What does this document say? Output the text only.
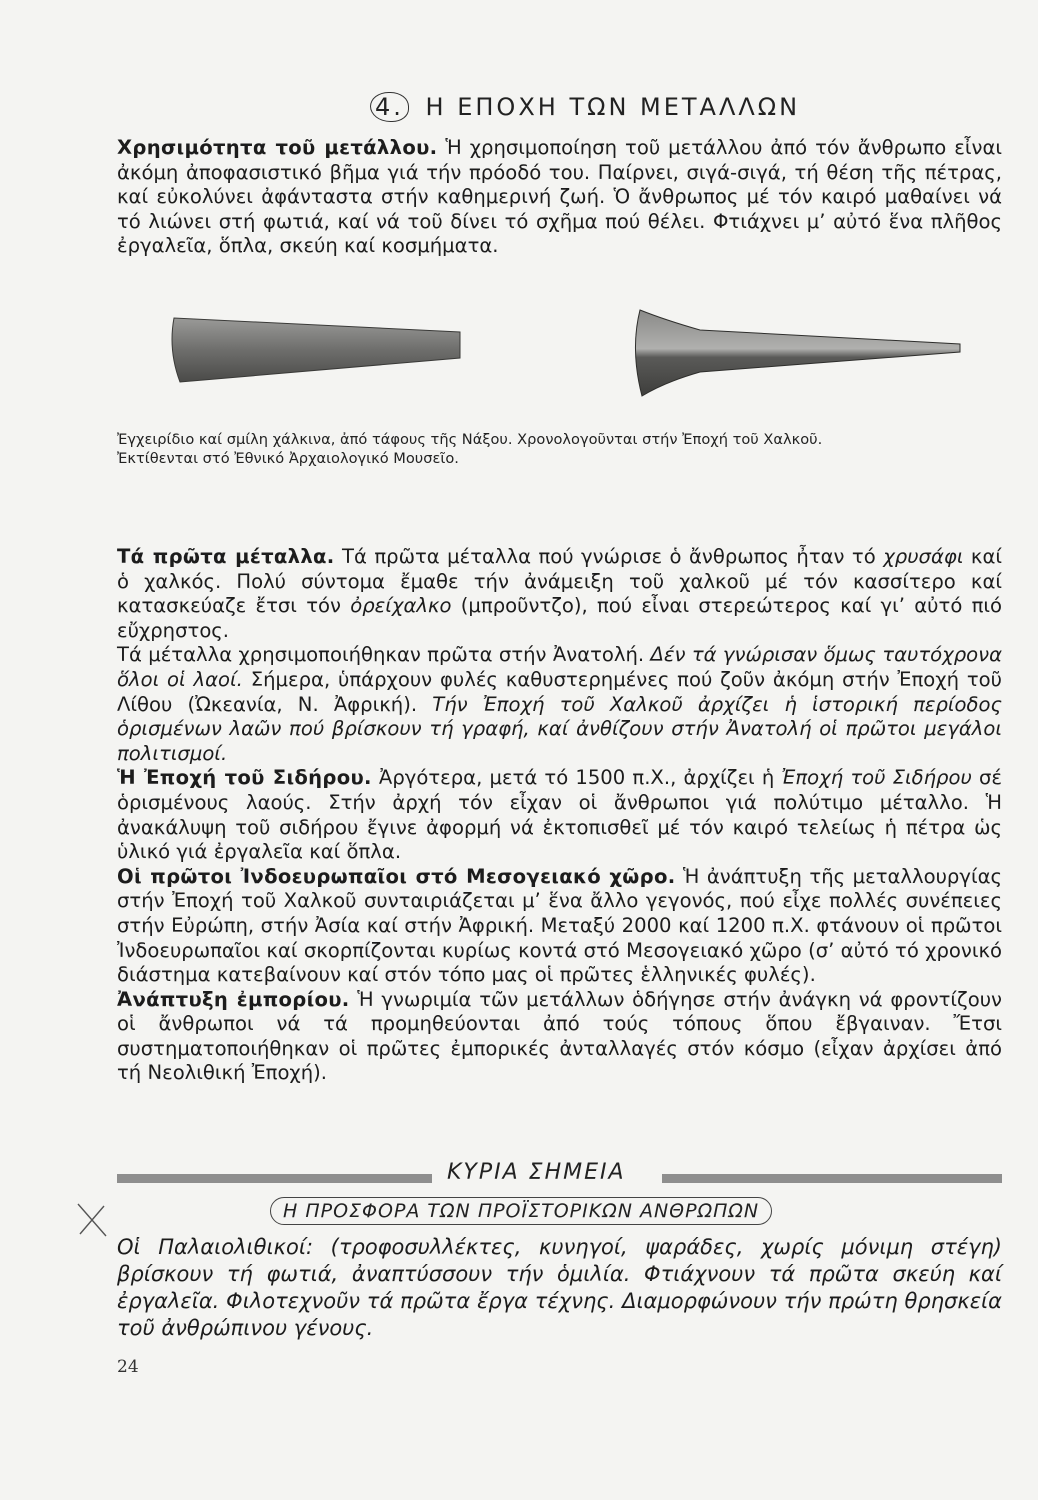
4. Η ΕΠΟΧΗ ΤΩΝ ΜΕΤΑΛΛΩΝ

Χρησιμότητα τοῦ μετάλλου. Ἡ χρησιμοποίηση τοῦ μετάλλου ἀπό τόν ἄνθρωπο εἶναι ἀκόμη ἀποφασιστικό βῆμα γιά τήν πρόοδό του. Παίρνει, σιγά-σιγά, τή θέση τῆς πέτρας, καί εὐκολύνει ἀφάνταστα στήν καθημερινή ζωή. Ὁ ἄνθρωπος μέ τόν καιρό μαθαίνει νά τό λιώνει στή φωτιά, καί νά τοῦ δίνει τό σχῆμα πού θέλει. Φτιάχνει μ’ αὐτό ἕνα πλῆθος ἐργαλεῖα, ὅπλα, σκεύη καί κοσμήματα.

Ἐγχειρίδιο καί σμίλη χάλκινα, ἀπό τάφους τῆς Νάξου. Χρονολογοῦνται στήν Ἐποχή τοῦ Χαλκοῦ.
Ἐκτίθενται στό Ἐθνικό Ἀρχαιολογικό Μουσεῖο.
Τά πρῶτα μέταλλα. Τά πρῶτα μέταλλα πού γνώρισε ὁ ἄνθρωπος ἦταν τό χρυσάφι καί ὁ χαλκός. Πολύ σύντομα ἔμαθε τήν ἀνάμειξη τοῦ χαλκοῦ μέ τόν κασσίτερο καί κατασκεύαζε ἔτσι τόν ὀρείχαλκο (μπροῦντζο), πού εἶναι στερεώτερος καί γι’ αὐτό πιό εὔχρηστος.
Τά μέταλλα χρησιμοποιήθηκαν πρῶτα στήν Ἀνατολή. Δέν τά γνώρισαν ὅμως ταυτόχρονα ὅλοι οἱ λαοί. Σήμερα, ὑπάρχουν φυλές καθυστερημένες πού ζοῦν ἀκόμη στήν Ἐποχή τοῦ Λίθου (Ὠκεανία, Ν. Ἀφρική). Τήν Ἐποχή τοῦ Χαλκοῦ ἀρχίζει ἡ ἱστορική περίοδος ὁρισμένων λαῶν πού βρίσκουν τή γραφή, καί ἀνθίζουν στήν Ἀνατολή οἱ πρῶτοι μεγάλοι πολιτισμοί.
Ἡ Ἐποχή τοῦ Σιδήρου. Ἀργότερα, μετά τό 1500 π.Χ., ἀρχίζει ἡ Ἐποχή τοῦ Σιδήρου σέ ὁρισμένους λαούς. Στήν ἀρχή τόν εἶχαν οἱ ἄνθρωποι γιά πολύτιμο μέταλλο. Ἡ ἀνακάλυψη τοῦ σιδήρου ἔγινε ἀφορμή νά ἐκτοπισθεῖ μέ τόν καιρό τελείως ἡ πέτρα ὡς ὑλικό γιά ἐργαλεῖα καί ὅπλα.
Οἱ πρῶτοι Ἰνδοευρωπαῖοι στό Μεσογειακό χῶρο. Ἡ ἀνάπτυξη τῆς μεταλλουργίας στήν Ἐποχή τοῦ Χαλκοῦ συνταιριάζεται μ’ ἕνα ἄλλο γεγονός, πού εἶχε πολλές συνέπειες στήν Εὐρώπη, στήν Ἀσία καί στήν Ἀφρική. Μεταξύ 2000 καί 1200 π.Χ. φτάνουν οἱ πρῶτοι Ἰνδοευρωπαῖοι καί σκορπίζονται κυρίως κοντά στό Μεσογειακό χῶρο (σ’ αὐτό τό χρονικό διάστημα κατεβαίνουν καί στόν τόπο μας οἱ πρῶτες ἑλληνικές φυλές).
Ἀνάπτυξη ἐμπορίου. Ἡ γνωριμία τῶν μετάλλων ὁδήγησε στήν ἀνάγκη νά φροντίζουν οἱ ἄνθρωποι νά τά προμηθεύονται ἀπό τούς τόπους ὅπου ἔβγαιναν. Ἔτσι συστηματοποιήθηκαν οἱ πρῶτες ἐμπορικές ἀνταλλαγές στόν κόσμο (εἶχαν ἀρχίσει ἀπό τή Νεολιθική Ἐποχή).
ΚΥΡΙΑ ΣΗΜΕΙΑ
Η ΠΡΟΣΦΟΡΑ ΤΩΝ ΠΡΟΪΣΤΟΡΙΚΩΝ ΑΝΘΡΩΠΩΝ

Οἱ Παλαιολιθικοί: (τροφοσυλλέκτες, κυνηγοί, ψαράδες, χωρίς μόνιμη στέγη) βρίσκουν τή φωτιά, ἀναπτύσσουν τήν ὁμιλία. Φτιάχνουν τά πρῶτα σκεύη καί ἐργαλεῖα. Φιλοτεχνοῦν τά πρῶτα ἔργα τέχνης. Διαμορφώνουν τήν πρώτη θρησκεία τοῦ ἀνθρώπινου γένους.

24
